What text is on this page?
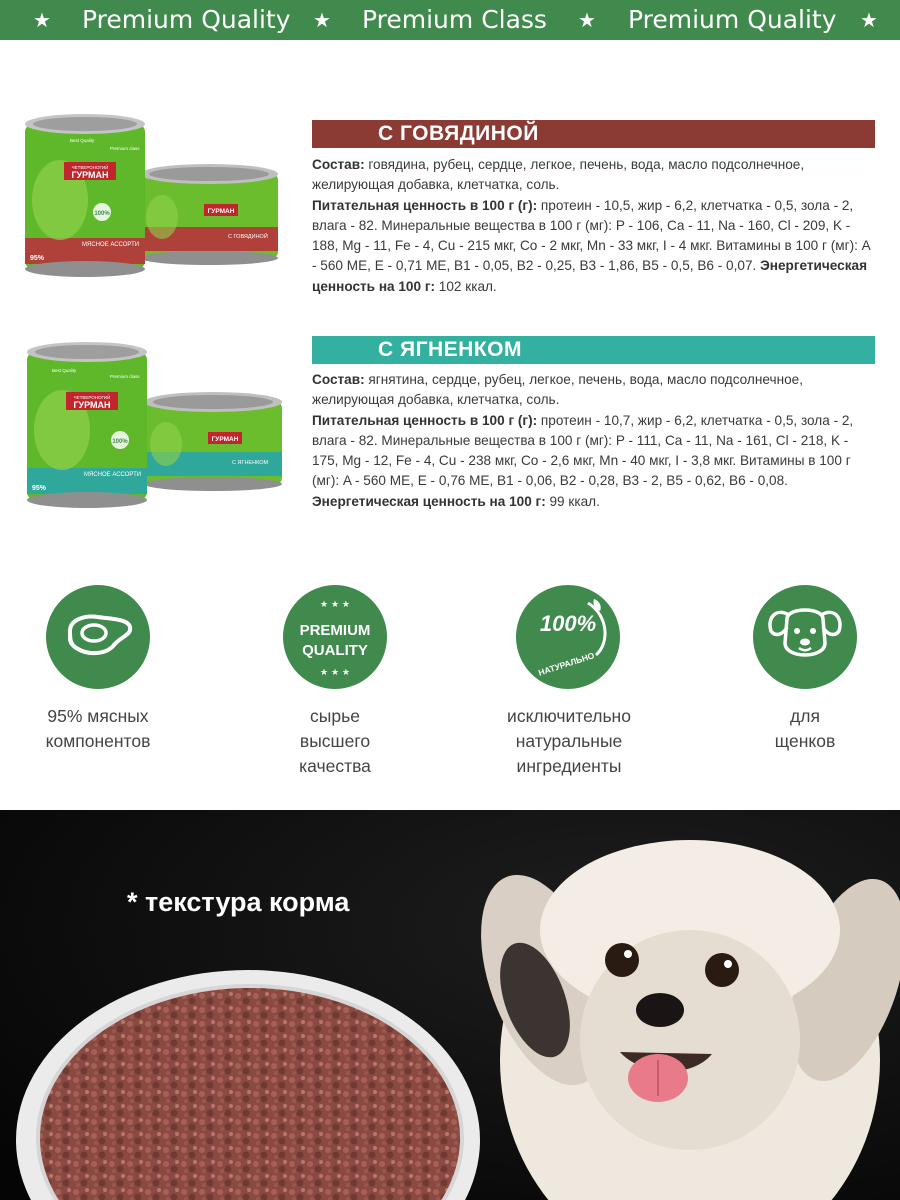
★ Premium Quality ★ Premium Class ★ Premium Quality ★
ГУРМАН
С ГОВЯДИНОЙ
ЧЕТВЕРОНОГИЙ
ГУРМАН
100%
МЯСНОЕ АССОРТИ
95%
Best Quality
Premium class
С ГОВЯДИНОЙ
Состав: говядина, рубец, сердце, легкое, печень, вода, масло подсолнечное, желирующая добавка, клетчатка, соль.
Питательная ценность в 100 г (г): протеин - 10,5, жир - 6,2, клетчатка - 0,5, зола - 2, влага - 82. Минеральные вещества в 100 г (мг): P - 106, Ca - 11, Na - 160, Cl - 209, K - 188, Mg - 11, Fe - 4, Cu - 215 мкг, Co - 2 мкг, Mn - 33 мкг, I - 4 мкг. Витамины в 100 г (мг): A - 560 МЕ, E - 0,71 МЕ, B1 - 0,05, B2 - 0,25, B3 - 1,86, B5 - 0,5, B6 - 0,07. Энергетическая ценность на 100 г: 102 ккал.
ГУРМАН
С ЯГНЕНКОМ
ЧЕТВЕРОНОГИЙ
ГУРМАН
100%
МЯСНОЕ АССОРТИ
95%
Best Quality
Premium class
С ЯГНЕНКОМ
Состав: ягнятина, сердце, рубец, легкое, печень, вода, масло подсолнечное, желирующая добавка, клетчатка, соль.
Питательная ценность в 100 г (г): протеин - 10,7, жир - 6,2, клетчатка - 0,5, зола - 2, влага - 82. Минеральные вещества в 100 г (мг): P - 111, Ca - 11, Na - 161, Cl - 218, K - 175, Mg - 12, Fe - 4, Cu - 238 мкг, Co - 2,6 мкг, Mn - 40 мкг, I - 3,8 мкг. Витамины в 100 г (мг): A - 560 МЕ, E - 0,76 МЕ, B1 - 0,06, B2 - 0,28, B3 - 2, B5 - 0,62, B6 - 0,08. Энергетическая ценность на 100 г: 99 ккал.
95% мясных
компонентов
★ ★ ★
PREMIUM
QUALITY
★ ★ ★
сырье высшего
качества
100%
НАТУРАЛЬНО
исключительно
натуральные ингредиенты
для щенков
* текстура корма
